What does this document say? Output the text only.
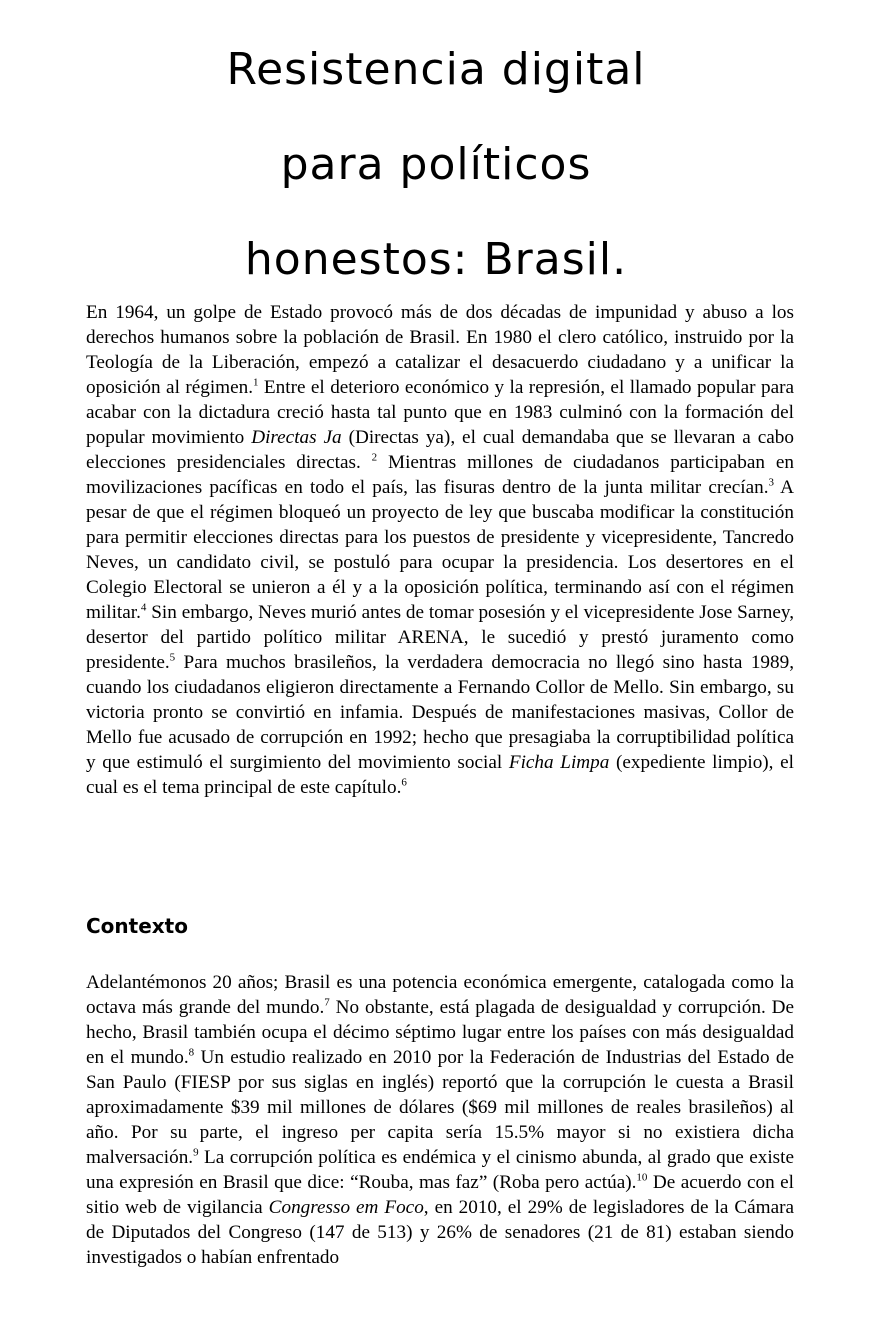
Resistencia digital
para políticos
honestos: Brasil.

En 1964, un golpe de Estado provocó más de dos décadas de impunidad y abuso a los derechos humanos sobre la población de Brasil. En 1980 el clero católico, instruido por la Teología de la Liberación, empezó a catalizar el desacuerdo ciudadano y a unificar la oposición al régimen.$^1$ Entre el deterioro económico y la represión, el llamado popular para acabar con la dictadura creció hasta tal punto que en 1983 culminó con la formación del popular movimiento Directas Ja (Directas ya), el cual demandaba que se llevaran a cabo elecciones presidenciales directas. $^2$ Mientras millones de ciudadanos participaban en movilizaciones pacíficas en todo el país, las fisuras dentro de la junta militar crecían.$^3$ A pesar de que el régimen bloqueó un proyecto de ley que buscaba modificar la constitución para permitir elecciones directas para los puestos de presidente y vicepresidente, Tancredo Neves, un candidato civil, se postuló para ocupar la presidencia. Los desertores en el Colegio Electoral se unieron a él y a la oposición política, terminando así con el régimen militar.$^4$ Sin embargo, Neves murió antes de tomar posesión y el vicepresidente Jose Sarney, desertor del partido político militar ARENA, le sucedió y prestó juramento como presidente.$^5$ Para muchos brasileños, la verdadera democracia no llegó sino hasta 1989, cuando los ciudadanos eligieron directamente a Fernando Collor de Mello. Sin embargo, su victoria pronto se convirtió en infamia. Después de manifestaciones masivas, Collor de Mello fue acusado de corrupción en 1992; hecho que presagiaba la corruptibilidad política y que estimuló el surgimiento del movimiento social Ficha Limpa (expediente limpio), el cual es el tema principal de este capítulo.$^6$

Contexto

Adelantémonos 20 años; Brasil es una potencia económica emergente, catalogada como la octava más grande del mundo.$^7$ No obstante, está plagada de desigualdad y corrupción. De hecho, Brasil también ocupa el décimo séptimo lugar entre los países con más desigualdad en el mundo.$^8$ Un estudio realizado en 2010 por la Federación de Industrias del Estado de San Paulo (FIESP por sus siglas en inglés) reportó que la corrupción le cuesta a Brasil aproximadamente $39 mil millones de dólares ($69 mil millones de reales brasileños) al año. Por su parte, el ingreso per capita sería 15.5% mayor si no existiera dicha malversación.$^9$ La corrupción política es endémica y el cinismo abunda, al grado que existe una expresión en Brasil que dice: “Rouba, mas faz” (Roba pero actúa).$^{10}$ De acuerdo con el sitio web de vigilancia Congresso em Foco, en 2010, el 29% de legisladores de la Cámara de Diputados del Congreso (147 de 513) y 26% de senadores (21 de 81) estaban siendo investigados o habían enfrentado
